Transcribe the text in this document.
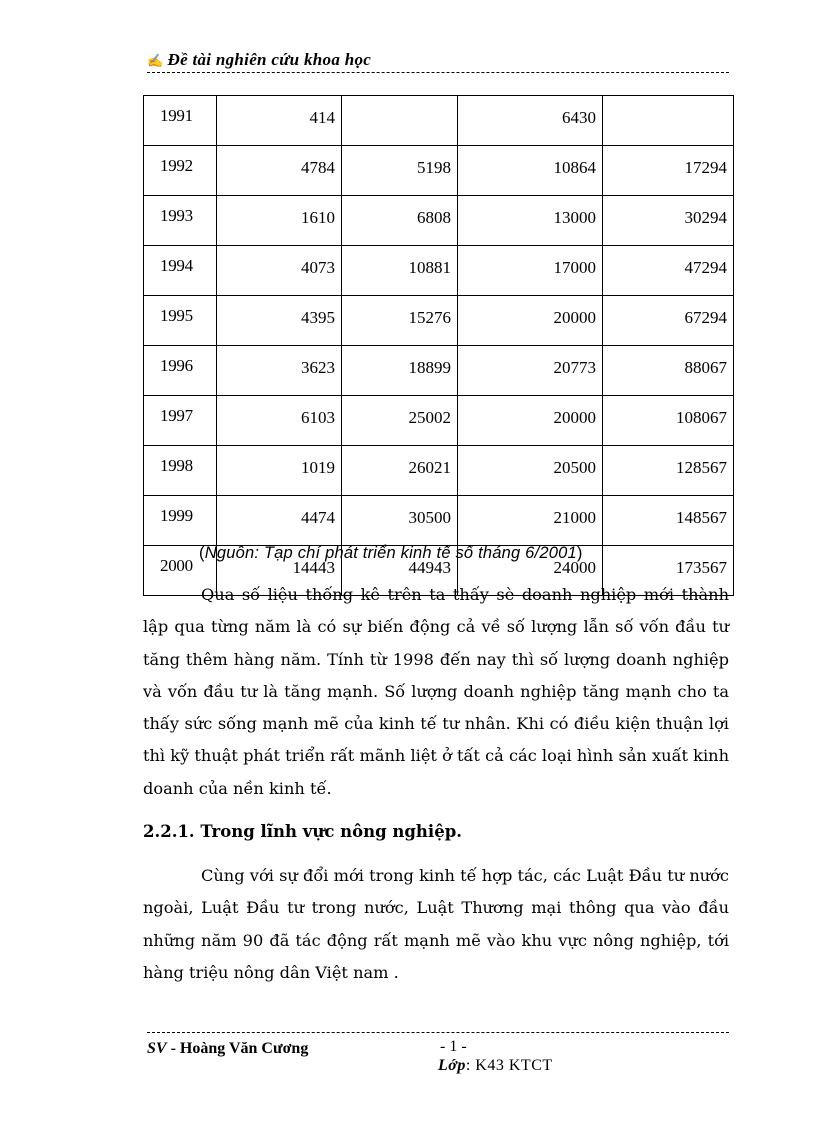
✍ Đề tài nghiên cứu khoa học
1991	414		6430	
1992	4784	5198	10864	17294
1993	1610	6808	13000	30294
1994	4073	10881	17000	47294
1995	4395	15276	20000	67294
1996	3623	18899	20773	88067
1997	6103	25002	20000	108067
1998	1019	26021	20500	128567
1999	4474	30500	21000	148567
2000	14443	44943	24000	173567
(Nguồn: Tạp chí phát triển kinh tế số tháng 6/2001)
Qua số liệu thống kê trên ta thấy sè doanh nghiệp mới thành lập qua từng năm là có sự biến động cả về số lượng lẫn số vốn đầu tư tăng thêm hàng năm. Tính từ 1998 đến nay thì số lượng doanh nghiệp và vốn đầu tư là tăng mạnh. Số lượng doanh nghiệp tăng mạnh cho ta thấy sức sống mạnh mẽ của kinh tế tư nhân. Khi có điều kiện thuận lợi thì kỹ thuật phát triển rất mãnh liệt ở tất cả các loại hình sản xuất kinh doanh của nền kinh tế.
2.2.1. Trong lĩnh vực nông nghiệp.
Cùng với sự đổi mới trong kinh tế hợp tác, các Luật Đầu tư nước ngoài, Luật Đầu tư trong nước, Luật Thương mại thông qua vào đầu những năm 90 đã tác động rất mạnh mẽ vào khu vực nông nghiệp, tới hàng triệu nông dân Việt nam .
SV - Hoàng Văn Cương	- 1 -
Lớp: K43 KTCT
